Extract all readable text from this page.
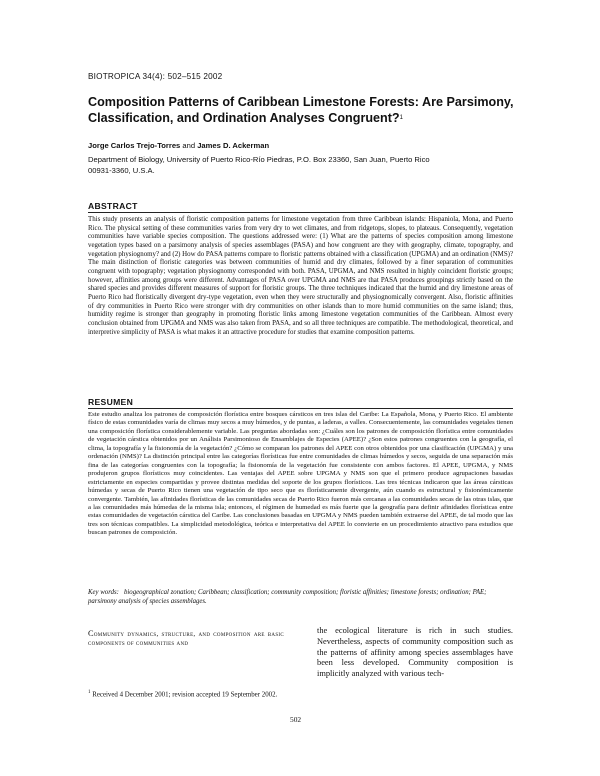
BIOTROPICA 34(4): 502–515 2002
Composition Patterns of Caribbean Limestone Forests: Are Parsimony, Classification, and Ordination Analyses Congruent?$^1$
Jorge Carlos Trejo-Torres and James D. Ackerman
Department of Biology, University of Puerto Rico-Río Piedras, P.O. Box 23360, San Juan, Puerto Rico 00931-3360, U.S.A.
ABSTRACT
This study presents an analysis of floristic composition patterns for limestone vegetation from three Caribbean islands: Hispaniola, Mona, and Puerto Rico. The physical setting of these communities varies from very dry to wet climates, and from ridgetops, slopes, to plateaus. Consequently, vegetation communities have variable species composition. The questions addressed were: (1) What are the patterns of species composition among limestone vegetation types based on a parsimony analysis of species assemblages (PASA) and how congruent are they with geography, climate, topography, and vegetation physiognomy? and (2) How do PASA patterns compare to floristic patterns obtained with a classification (UPGMA) and an ordination (NMS)? The main distinction of floristic categories was between communities of humid and dry climates, followed by a finer separation of communities congruent with topography; vegetation physiognomy corresponded with both. PASA, UPGMA, and NMS resulted in highly coincident floristic groups; however, affinities among groups were different. Advantages of PASA over UPGMA and NMS are that PASA produces groupings strictly based on the shared species and provides different measures of support for floristic groups. The three techniques indicated that the humid and dry limestone areas of Puerto Rico had floristically divergent dry-type vegetation, even when they were structurally and physiognomically convergent. Also, floristic affinities of dry communities in Puerto Rico were stronger with dry communities on other islands than to more humid communities on the same island; thus, humidity regime is stronger than geography in promoting floristic links among limestone vegetation communities of the Caribbean. Almost every conclusion obtained from UPGMA and NMS was also taken from PASA, and so all three techniques are compatible. The methodological, theoretical, and interpretive simplicity of PASA is what makes it an attractive procedure for studies that examine composition patterns.
RESUMEN
Este estudio analiza los patrones de composición florística entre bosques cársticos en tres islas del Caribe: La Española, Mona, y Puerto Rico. El ambiente físico de estas comunidades varía de climas muy secos a muy húmedos, y de puntas, a laderas, a valles. Consecuentemente, las comunidades vegetales tienen una composición florística considerablemente variable. Las preguntas abordadas son: ¿Cuáles son los patrones de composición florística entre comunidades de vegetación cárstica obtenidos por un Análisis Parsimonioso de Ensamblajes de Especies (APEE)? ¿Son estos patrones congruentes con la geografía, el clima, la topografía y la fisionomía de la vegetación? ¿Cómo se comparan los patrones del APEE con otros obtenidos por una clasificación (UPGMA) y una ordenación (NMS)? La distinción principal entre las categorías florísticas fue entre comunidades de climas húmedos y secos, seguida de una separación más fina de las categorías congruentes con la topografía; la fisionomía de la vegetación fue consistente con ambos factores. El APEE, UPGMA, y NMS produjeron grupos florísticos muy coincidentes. Las ventajas del APEE sobre UPGMA y NMS son que el primero produce agrupaciones basadas estrictamente en especies compartidas y provee distintas medidas del soporte de los grupos florísticos. Las tres técnicas indicaron que las áreas cársticas húmedas y secas de Puerto Rico tienen una vegetación de tipo seco que es florísticamente divergente, aún cuando es estructural y fisionómicamente convergente. También, las afinidades florísticas de las comunidades secas de Puerto Rico fueron más cercanas a las comunidades secas de las otras islas, que a las comunidades más húmedas de la misma isla; entonces, el régimen de humedad es más fuerte que la geografía para definir afinidades florísticas entre estas comunidades de vegetación cárstica del Caribe. Las conclusiones basadas en UPGMA y NMS pueden también extraerse del APEE, de tal modo que las tres son técnicas compatibles. La simplicidad metodológica, teórica e interpretativa del APEE lo convierte en un procedimiento atractivo para estudios que buscan patrones de composición.
Key words: biogeographical zonation; Caribbean; classification; community composition; floristic affinities; limestone forests; ordination; PAE; parsimony analysis of species assemblages.
Community dynamics, structure, and composition are basic components of communities and
$^1$ Received 4 December 2001; revision accepted 19 September 2002.
the ecological literature is rich in such studies. Nevertheless, aspects of community composition such as the patterns of affinity among species assemblages have been less developed. Community composition is implicitly analyzed with various tech-
502
